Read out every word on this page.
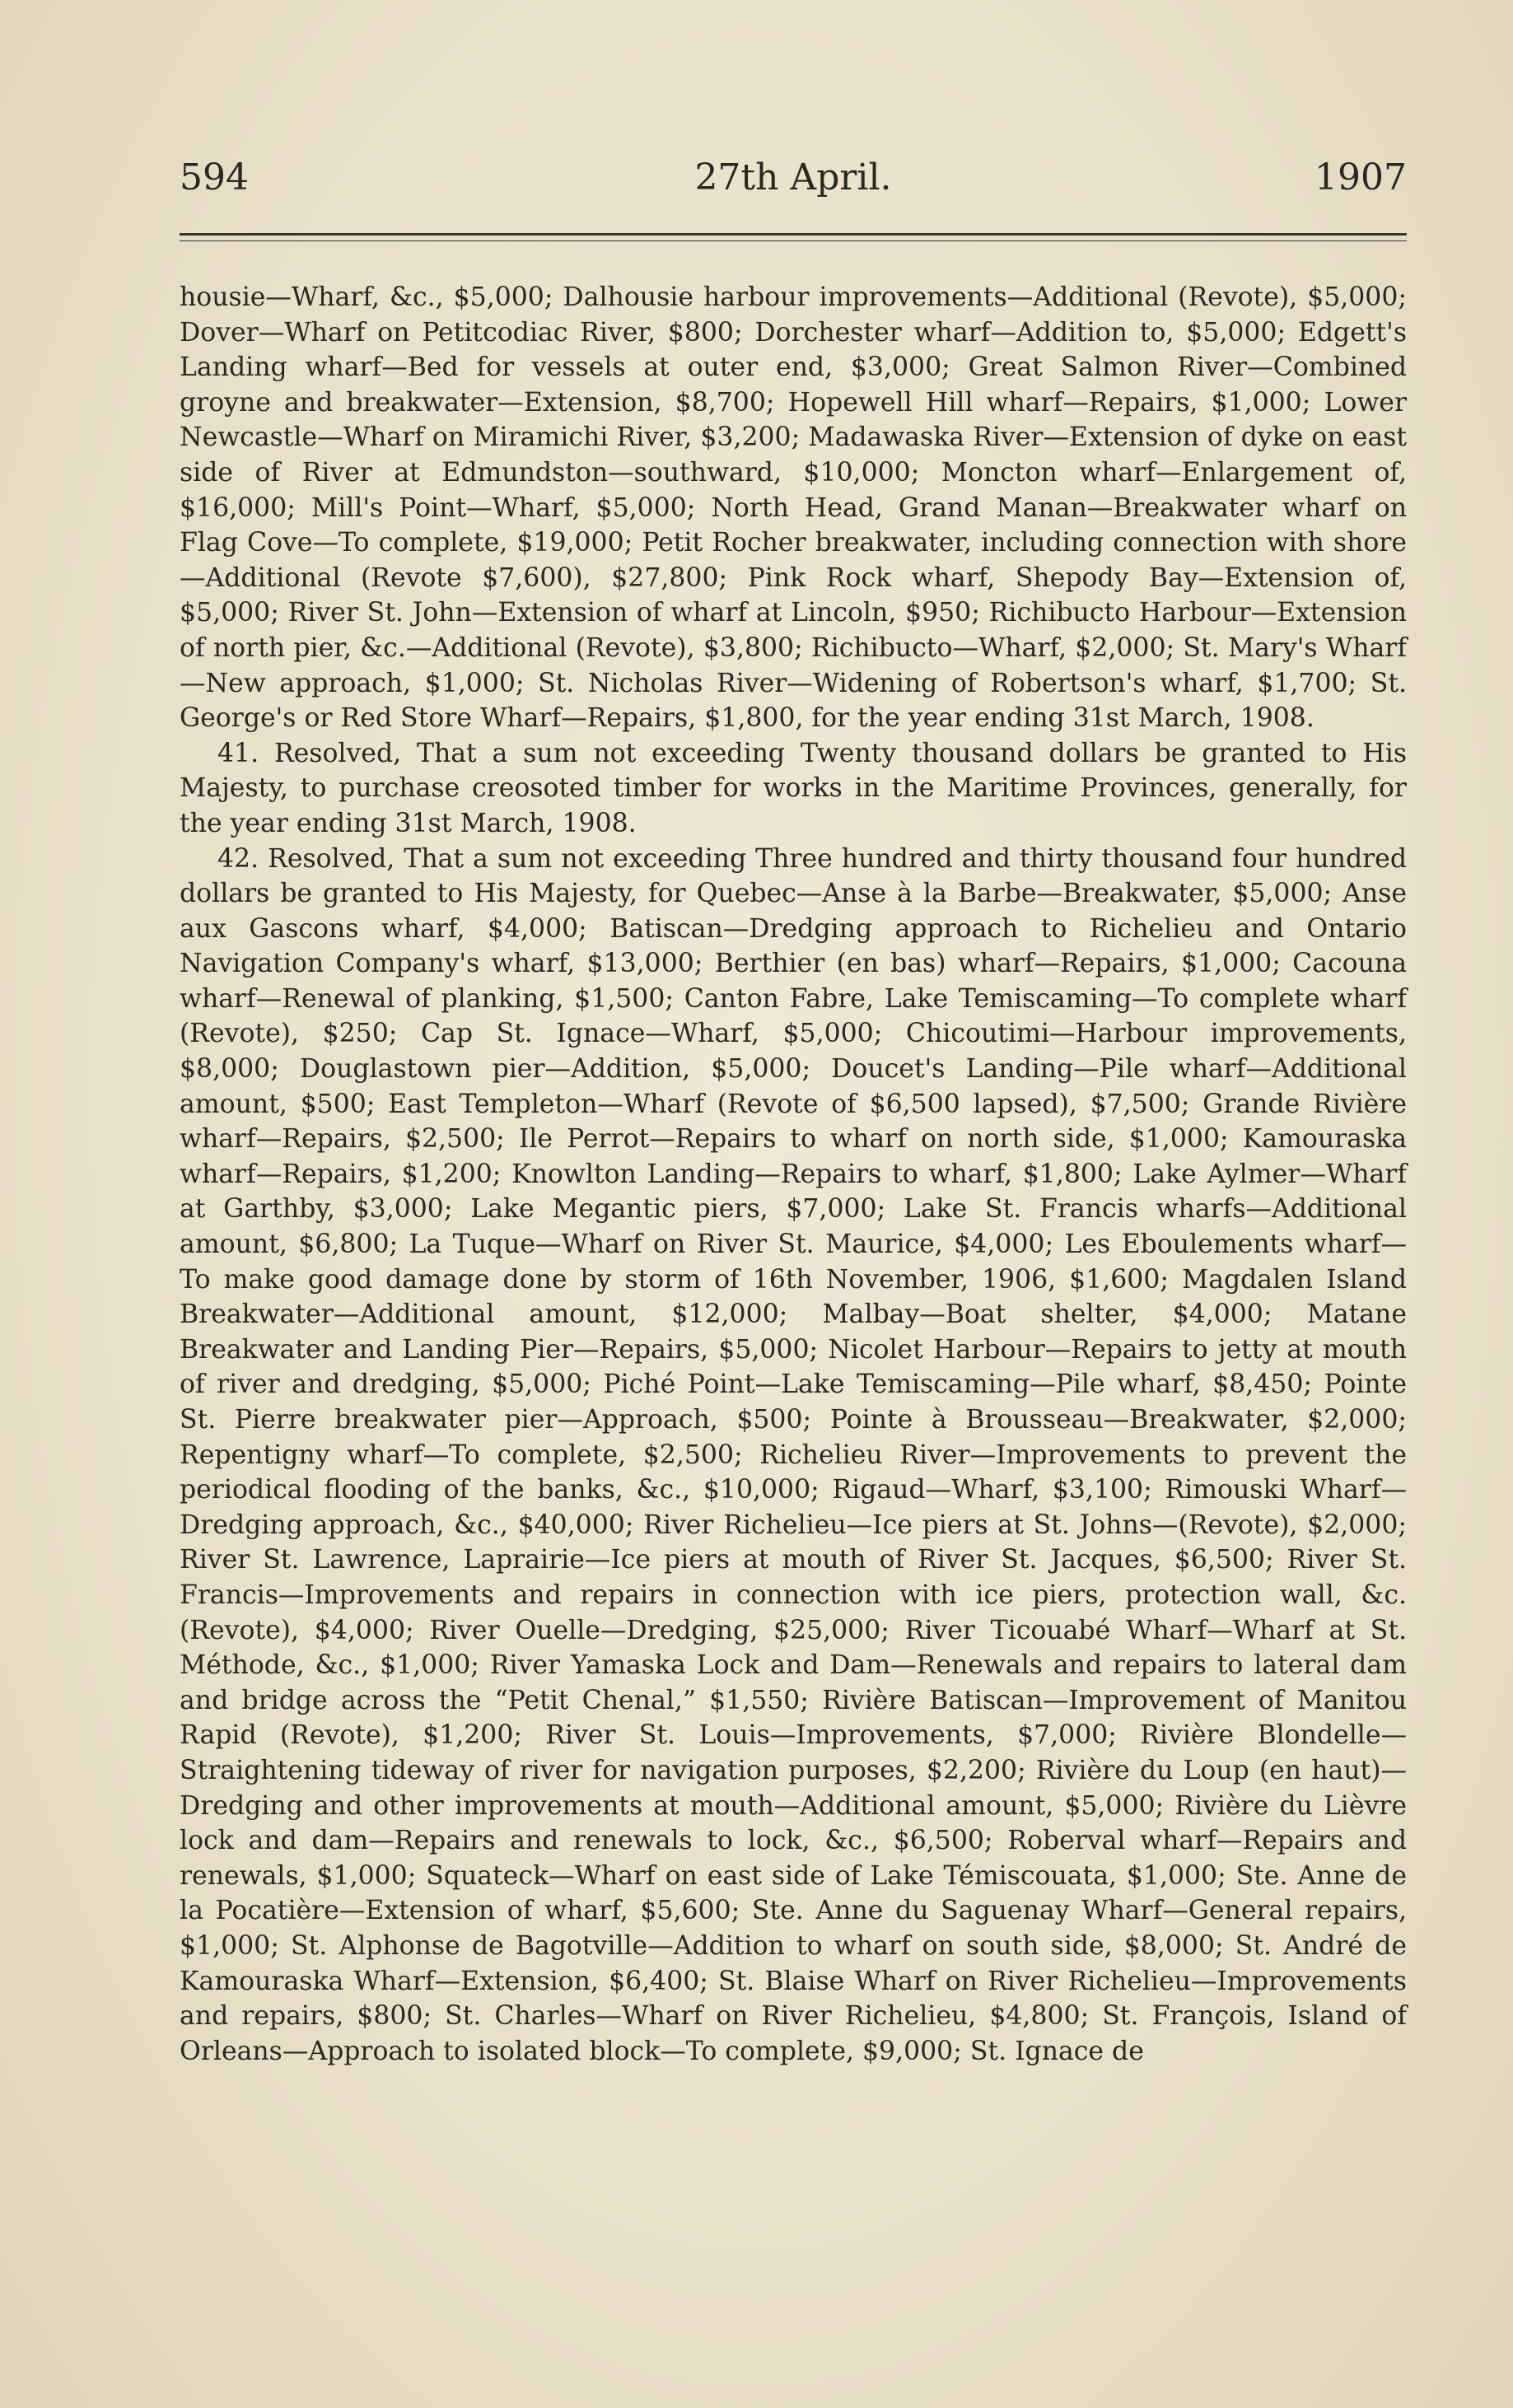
594	27th April.	1907

housie—Wharf, &c., $5,000; Dalhousie harbour improvements—Additional (Revote), $5,000; Dover—Wharf on Petitcodiac River, $800; Dorchester wharf—Addition to, $5,000; Edgett's Landing wharf—Bed for vessels at outer end, $3,000; Great Salmon River—Combined groyne and breakwater—Extension, $8,700; Hopewell Hill wharf—Repairs, $1,000; Lower Newcastle—Wharf on Miramichi River, $3,200; Madawaska River—Extension of dyke on east side of River at Edmundston—southward, $10,000; Moncton wharf—Enlargement of, $16,000; Mill's Point—Wharf, $5,000; North Head, Grand Manan—Breakwater wharf on Flag Cove—To complete, $19,000; Petit Rocher breakwater, including connection with shore—Additional (Revote $7,600), $27,800; Pink Rock wharf, Shepody Bay—Extension of, $5,000; River St. John—Extension of wharf at Lincoln, $950; Richibucto Harbour—Extension of north pier, &c.—Additional (Revote), $3,800; Richibucto—Wharf, $2,000; St. Mary's Wharf—New approach, $1,000; St. Nicholas River—Widening of Robertson's wharf, $1,700; St. George's or Red Store Wharf—Repairs, $1,800, for the year ending 31st March, 1908.

41. Resolved, That a sum not exceeding Twenty thousand dollars be granted to His Majesty, to purchase creosoted timber for works in the Maritime Provinces, generally, for the year ending 31st March, 1908.

42. Resolved, That a sum not exceeding Three hundred and thirty thousand four hundred dollars be granted to His Majesty, for Quebec—Anse à la Barbe—Breakwater, $5,000; Anse aux Gascons wharf, $4,000; Batiscan—Dredging approach to Richelieu and Ontario Navigation Company's wharf, $13,000; Berthier (en bas) wharf—Repairs, $1,000; Cacouna wharf—Renewal of planking, $1,500; Canton Fabre, Lake Temiscaming—To complete wharf (Revote), $250; Cap St. Ignace—Wharf, $5,000; Chicoutimi—Harbour improvements, $8,000; Douglastown pier—Addition, $5,000; Doucet's Landing—Pile wharf—Additional amount, $500; East Templeton—Wharf (Revote of $6,500 lapsed), $7,500; Grande Rivière wharf—Repairs, $2,500; Ile Perrot—Repairs to wharf on north side, $1,000; Kamouraska wharf—Repairs, $1,200; Knowlton Landing—Repairs to wharf, $1,800; Lake Aylmer—Wharf at Garthby, $3,000; Lake Megantic piers, $7,000; Lake St. Francis wharfs—Additional amount, $6,800; La Tuque—Wharf on River St. Maurice, $4,000; Les Eboulements wharf—To make good damage done by storm of 16th November, 1906, $1,600; Magdalen Island Breakwater—Additional amount, $12,000; Malbay—Boat shelter, $4,000; Matane Breakwater and Landing Pier—Repairs, $5,000; Nicolet Harbour—Repairs to jetty at mouth of river and dredging, $5,000; Piché Point—Lake Temiscaming—Pile wharf, $8,450; Pointe St. Pierre breakwater pier—Approach, $500; Pointe à Brousseau—Breakwater, $2,000; Repentigny wharf—To complete, $2,500; Richelieu River—Improvements to prevent the periodical flooding of the banks, &c., $10,000; Rigaud—Wharf, $3,100; Rimouski Wharf—Dredging approach, &c., $40,000; River Richelieu—Ice piers at St. Johns—(Revote), $2,000; River St. Lawrence, Laprairie—Ice piers at mouth of River St. Jacques, $6,500; River St. Francis—Improvements and repairs in connection with ice piers, protection wall, &c. (Revote), $4,000; River Ouelle—Dredging, $25,000; River Ticouabé Wharf—Wharf at St. Méthode, &c., $1,000; River Yamaska Lock and Dam—Renewals and repairs to lateral dam and bridge across the “Petit Chenal,” $1,550; Rivière Batiscan—Improvement of Manitou Rapid (Revote), $1,200; River St. Louis—Improvements, $7,000; Rivière Blondelle—Straightening tideway of river for navigation purposes, $2,200; Rivière du Loup (en haut)—Dredging and other improvements at mouth—Additional amount, $5,000; Rivière du Lièvre lock and dam—Repairs and renewals to lock, &c., $6,500; Roberval wharf—Repairs and renewals, $1,000; Squateck—Wharf on east side of Lake Témiscouata, $1,000; Ste. Anne de la Pocatière—Extension of wharf, $5,600; Ste. Anne du Saguenay Wharf—General repairs, $1,000; St. Alphonse de Bagotville—Addition to wharf on south side, $8,000; St. André de Kamouraska Wharf—Extension, $6,400; St. Blaise Wharf on River Richelieu—Improvements and repairs, $800; St. Charles—Wharf on River Richelieu, $4,800; St. François, Island of Orleans—Approach to isolated block—To complete, $9,000; St. Ignace de
